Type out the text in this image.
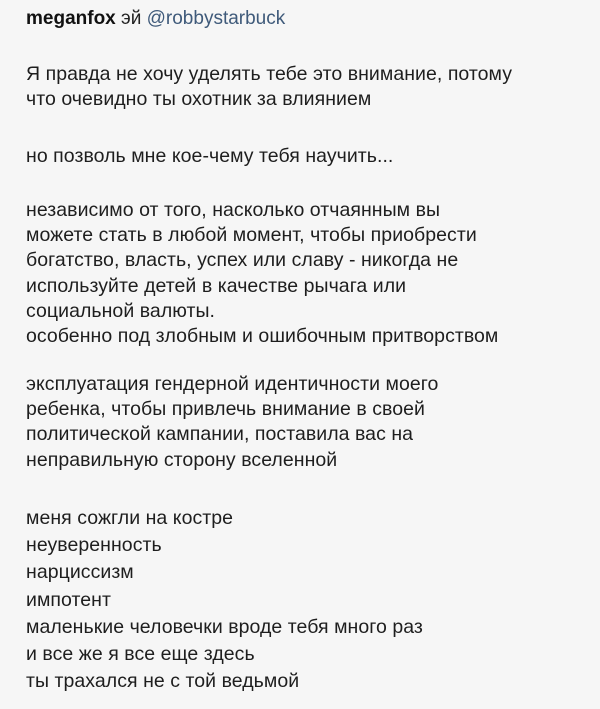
meganfox эй @robbystarbuck
Я правда не хочу уделять тебе это внимание, потому
что очевидно ты охотник за влиянием
но позволь мне кое-чему тебя научить...
независимо от того, насколько отчаянным вы
можете стать в любой момент, чтобы приобрести
богатство, власть, успех или славу - никогда не
используйте детей в качестве рычага или
социальной валюты.
особенно под злобным и ошибочным притворством
эксплуатация гендерной идентичности моего
ребенка, чтобы привлечь внимание в своей
политической кампании, поставила вас на
неправильную сторону вселенной
меня сожгли на костре
неуверенность
нарциссизм
импотент
маленькие человечки вроде тебя много раз
и все же я все еще здесь
ты трахался не с той ведьмой
